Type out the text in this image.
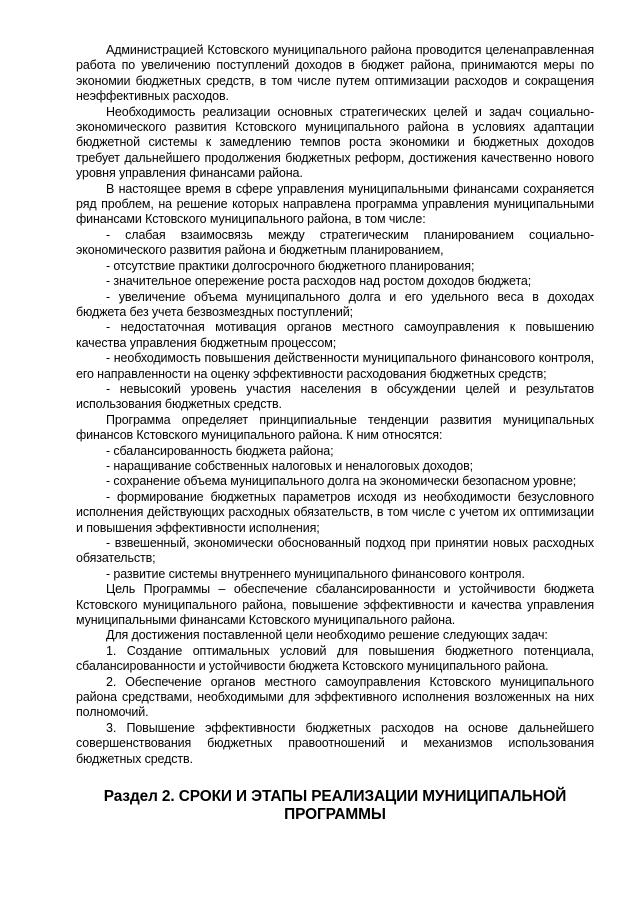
Администрацией Кстовского муниципального района проводится целенаправленная работа по увеличению поступлений доходов в бюджет района, принимаются меры по экономии бюджетных средств, в том числе путем оптимизации расходов и сокращения неэффективных расходов.

Необходимость реализации основных стратегических целей и задач социально-экономического развития Кстовского муниципального района в условиях адаптации бюджетной системы к замедлению темпов роста экономики и бюджетных доходов требует дальнейшего продолжения бюджетных реформ, достижения качественно нового уровня управления финансами района.

В настоящее время в сфере управления муниципальными финансами сохраняется ряд проблем, на решение которых направлена программа управления муниципальными финансами Кстовского муниципального района, в том числе:

- слабая взаимосвязь между стратегическим планированием социально-экономического развития района и бюджетным планированием,

- отсутствие практики долгосрочного бюджетного планирования;

- значительное опережение роста расходов над ростом доходов бюджета;

- увеличение объема муниципального долга и его удельного веса в доходах бюджета без учета безвозмездных поступлений;

- недостаточная мотивация органов местного самоуправления к повышению качества управления бюджетным процессом;

- необходимость повышения действенности муниципального финансового контроля, его направленности на оценку эффективности расходования бюджетных средств;

- невысокий уровень участия населения в обсуждении целей и результатов использования бюджетных средств.

Программа определяет принципиальные тенденции развития муниципальных финансов Кстовского муниципального района. К ним относятся:

- сбалансированность бюджета района;

- наращивание собственных налоговых и неналоговых доходов;

- сохранение объема муниципального долга на экономически безопасном уровне;

- формирование бюджетных параметров исходя из необходимости безусловного исполнения действующих расходных обязательств, в том числе с учетом их оптимизации и повышения эффективности исполнения;

- взвешенный, экономически обоснованный подход при принятии новых расходных обязательств;

- развитие системы внутреннего муниципального финансового контроля.

Цель Программы – обеспечение сбалансированности и устойчивости бюджета Кстовского муниципального района, повышение эффективности и качества управления муниципальными финансами Кстовского муниципального района.

Для достижения поставленной цели необходимо решение следующих задач:

1. Создание оптимальных условий для повышения бюджетного потенциала, сбалансированности и устойчивости бюджета Кстовского муниципального района.

2. Обеспечение органов местного самоуправления Кстовского муниципального района средствами, необходимыми для эффективного исполнения возложенных на них полномочий.

3. Повышение эффективности бюджетных расходов на основе дальнейшего совершенствования бюджетных правоотношений и механизмов использования бюджетных средств.

Раздел 2. СРОКИ И ЭТАПЫ РЕАЛИЗАЦИИ МУНИЦИПАЛЬНОЙ ПРОГРАММЫ
